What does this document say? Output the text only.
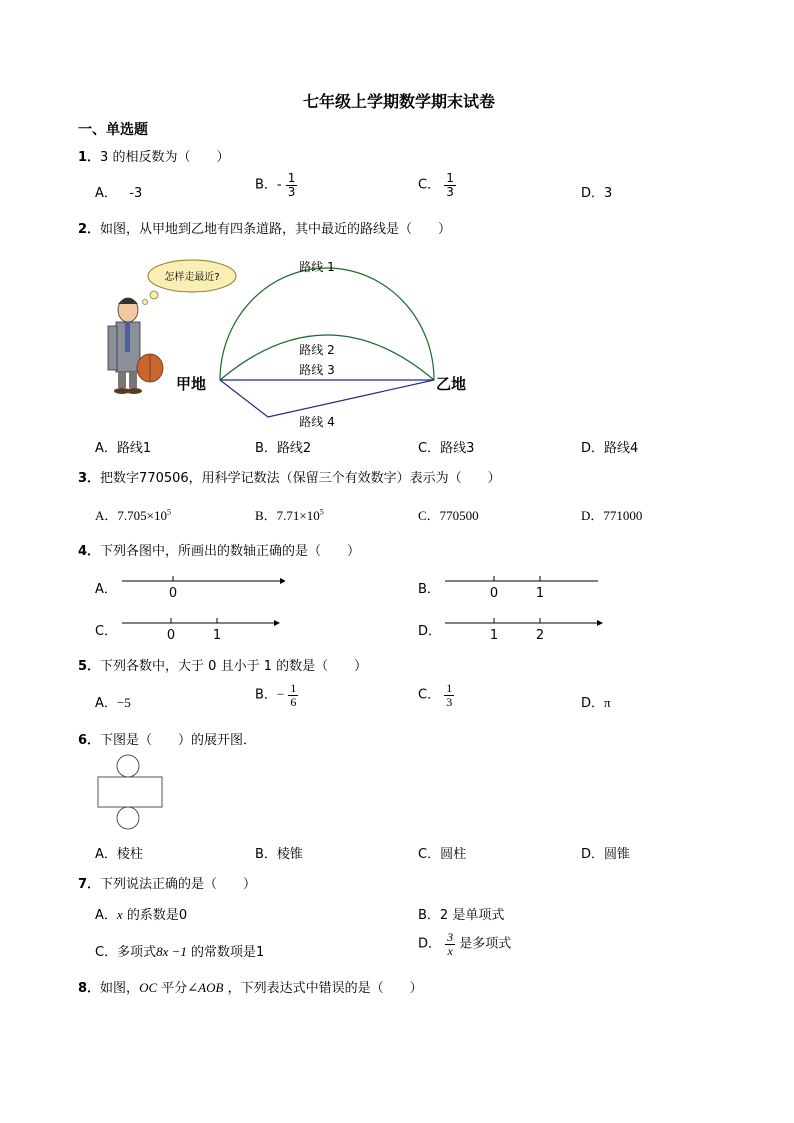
七年级上学期数学期末试卷
一、单选题
1．3 的相反数为（　　）
A． -3
B．- $\frac{1}{3}$	C． $\frac{1}{3}$	D．3
2．如图，从甲地到乙地有四条道路，其中最近的路线是（　　）
怎样走最近?
路线 1
路线 2
路线 3
路线 4
甲地	乙地
A．路线1	B．路线2	C．路线3	D．路线4
3．把数字770506，用科学记数法（保留三个有效数字）表示为（　　）
A．$7.705\times 10^5$	B．$7.71\times 10^5$	C．770500	D．771000
4．下列各图中，所画出的数轴正确的是（　　）
A．	0	B．	0	1
C．	0	1	D．	1	2
5．下列各数中，大于 0 且小于 1 的数是（　　）
A．−5	B．− $\frac{1}{6}$	C． $\frac{1}{3}$	D．π
6．下图是（　　）的展开图．
A．棱柱	B．棱锥	C．圆柱	D．圆锥
7．下列说法正确的是（　　）
A．x 的系数是0	B．2 是单项式
C．多项式8x −1 的常数项是1
D． $\frac{3}{x}$ 是多项式
8．如图，OC 平分∠AOB ，下列表达式中错误的是（　　）
